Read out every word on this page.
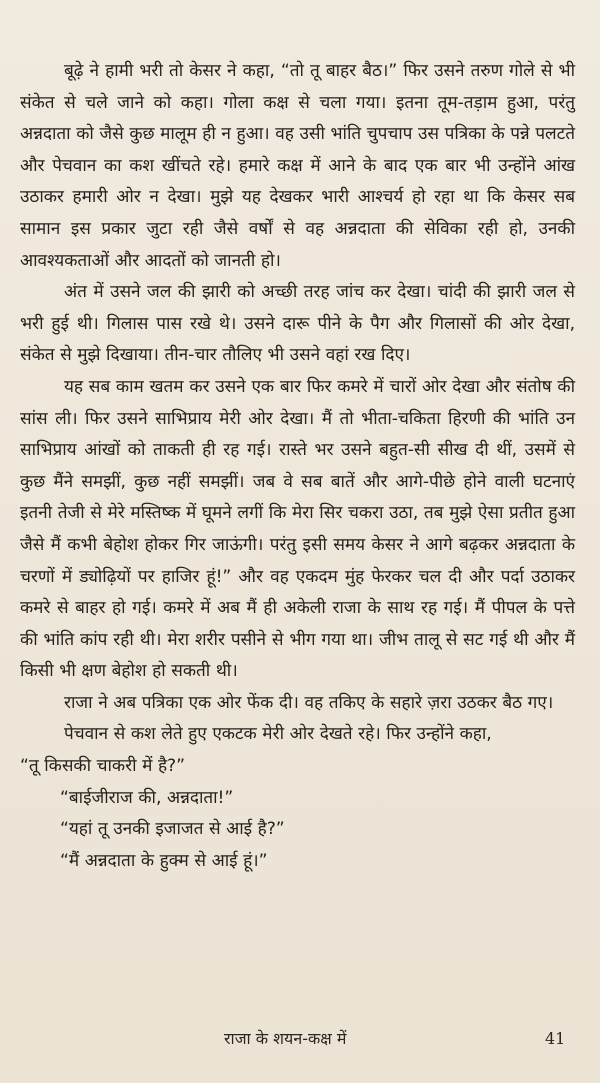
बूढ़े ने हामी भरी तो केसर ने कहा, “तो तू बाहर बैठ।” फिर उसने तरुण गोले से भी संकेत से चले जाने को कहा। गोला कक्ष से चला गया। इतना तूम-तड़ाम हुआ, परंतु अन्नदाता को जैसे कुछ मालूम ही न हुआ। वह उसी भांति चुपचाप उस पत्रिका के पन्ने पलटते और पेचवान का कश खींचते रहे। हमारे कक्ष में आने के बाद एक बार भी उन्होंने आंख उठाकर हमारी ओर न देखा। मुझे यह देखकर भारी आश्चर्य हो रहा था कि केसर सब सामान इस प्रकार जुटा रही जैसे वर्षों से वह अन्नदाता की सेविका रही हो, उनकी आवश्यकताओं और आदतों को जानती हो।

अंत में उसने जल की झारी को अच्छी तरह जांच कर देखा। चांदी की झारी जल से भरी हुई थी। गिलास पास रखे थे। उसने दारू पीने के पैग और गिलासों की ओर देखा, संकेत से मुझे दिखाया। तीन-चार तौलिए भी उसने वहां रख दिए।

यह सब काम खतम कर उसने एक बार फिर कमरे में चारों ओर देखा और संतोष की सांस ली। फिर उसने साभिप्राय मेरी ओर देखा। मैं तो भीता-चकिता हिरणी की भांति उन साभिप्राय आंखों को ताकती ही रह गई। रास्ते भर उसने बहुत-सी सीख दी थीं, उसमें से कुछ मैंने समझीं, कुछ नहीं समझीं। जब वे सब बातें और आगे-पीछे होने वाली घटनाएं इतनी तेजी से मेरे मस्तिष्क में घूमने लगीं कि मेरा सिर चकरा उठा, तब मुझे ऐसा प्रतीत हुआ जैसे मैं कभी बेहोश होकर गिर जाऊंगी। परंतु इसी समय केसर ने आगे बढ़कर अन्नदाता के चरणों में ड्योढ़ियों पर हाजिर हूं!” और वह एकदम मुंह फेरकर चल दी और पर्दा उठाकर कमरे से बाहर हो गई। कमरे में अब मैं ही अकेली राजा के साथ रह गई। मैं पीपल के पत्ते की भांति कांप रही थी। मेरा शरीर पसीने से भीग गया था। जीभ तालू से सट गई थी और मैं किसी भी क्षण बेहोश हो सकती थी।

राजा ने अब पत्रिका एक ओर फेंक दी। वह तकिए के सहारे ज़रा उठकर बैठ गए।

पेचवान से कश लेते हुए एकटक मेरी ओर देखते रहे। फिर उन्होंने कहा,

“तू किसकी चाकरी में है?”

“बाईजीराज की, अन्नदाता!”

“यहां तू उनकी इजाजत से आई है?”

“मैं अन्नदाता के हुक्म से आई हूं।”

राजा के शयन-कक्ष में	41
